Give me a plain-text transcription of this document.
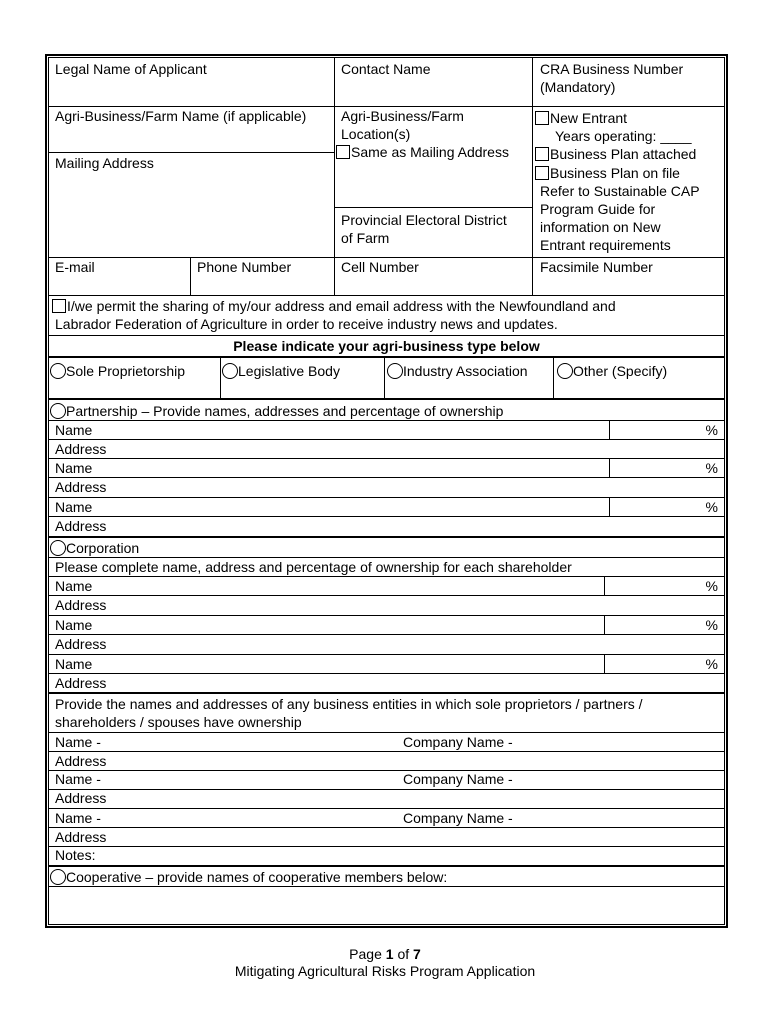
Legal Name of Applicant	Contact Name	CRA Business Number
(Mandatory)
Agri-Business/Farm Name (if applicable)
Mailing Address
Agri-Business/Farm
Location(s)
Same as Mailing Address
Provincial Electoral District
of Farm
New Entrant
Years operating: ____
Business Plan attached
Business Plan on file
Refer to Sustainable CAP
Program Guide for
information on New
Entrant requirements
E-mail	Phone Number	Cell Number	Facsimile Number
I/we permit the sharing of my/our address and email address with the Newfoundland and
Labrador Federation of Agriculture in order to receive industry news and updates.
Please indicate your agri-business type below
Sole Proprietorship	Legislative Body	Industry Association	Other (Specify)
Partnership – Provide names, addresses and percentage of ownership
Name	%
Address
Name	%
Address
Name	%
Address
Corporation
Please complete name, address and percentage of ownership for each shareholder
Name	%
Address
Name	%
Address
Name	%
Address
Provide the names and addresses of any business entities in which sole proprietors / partners /
shareholders / spouses have ownership
Name -	Company Name -
Address
Name -	Company Name -
Address
Name -	Company Name -
Address
Notes:
Cooperative – provide names of cooperative members below:
Page 1 of 7
Mitigating Agricultural Risks Program Application
